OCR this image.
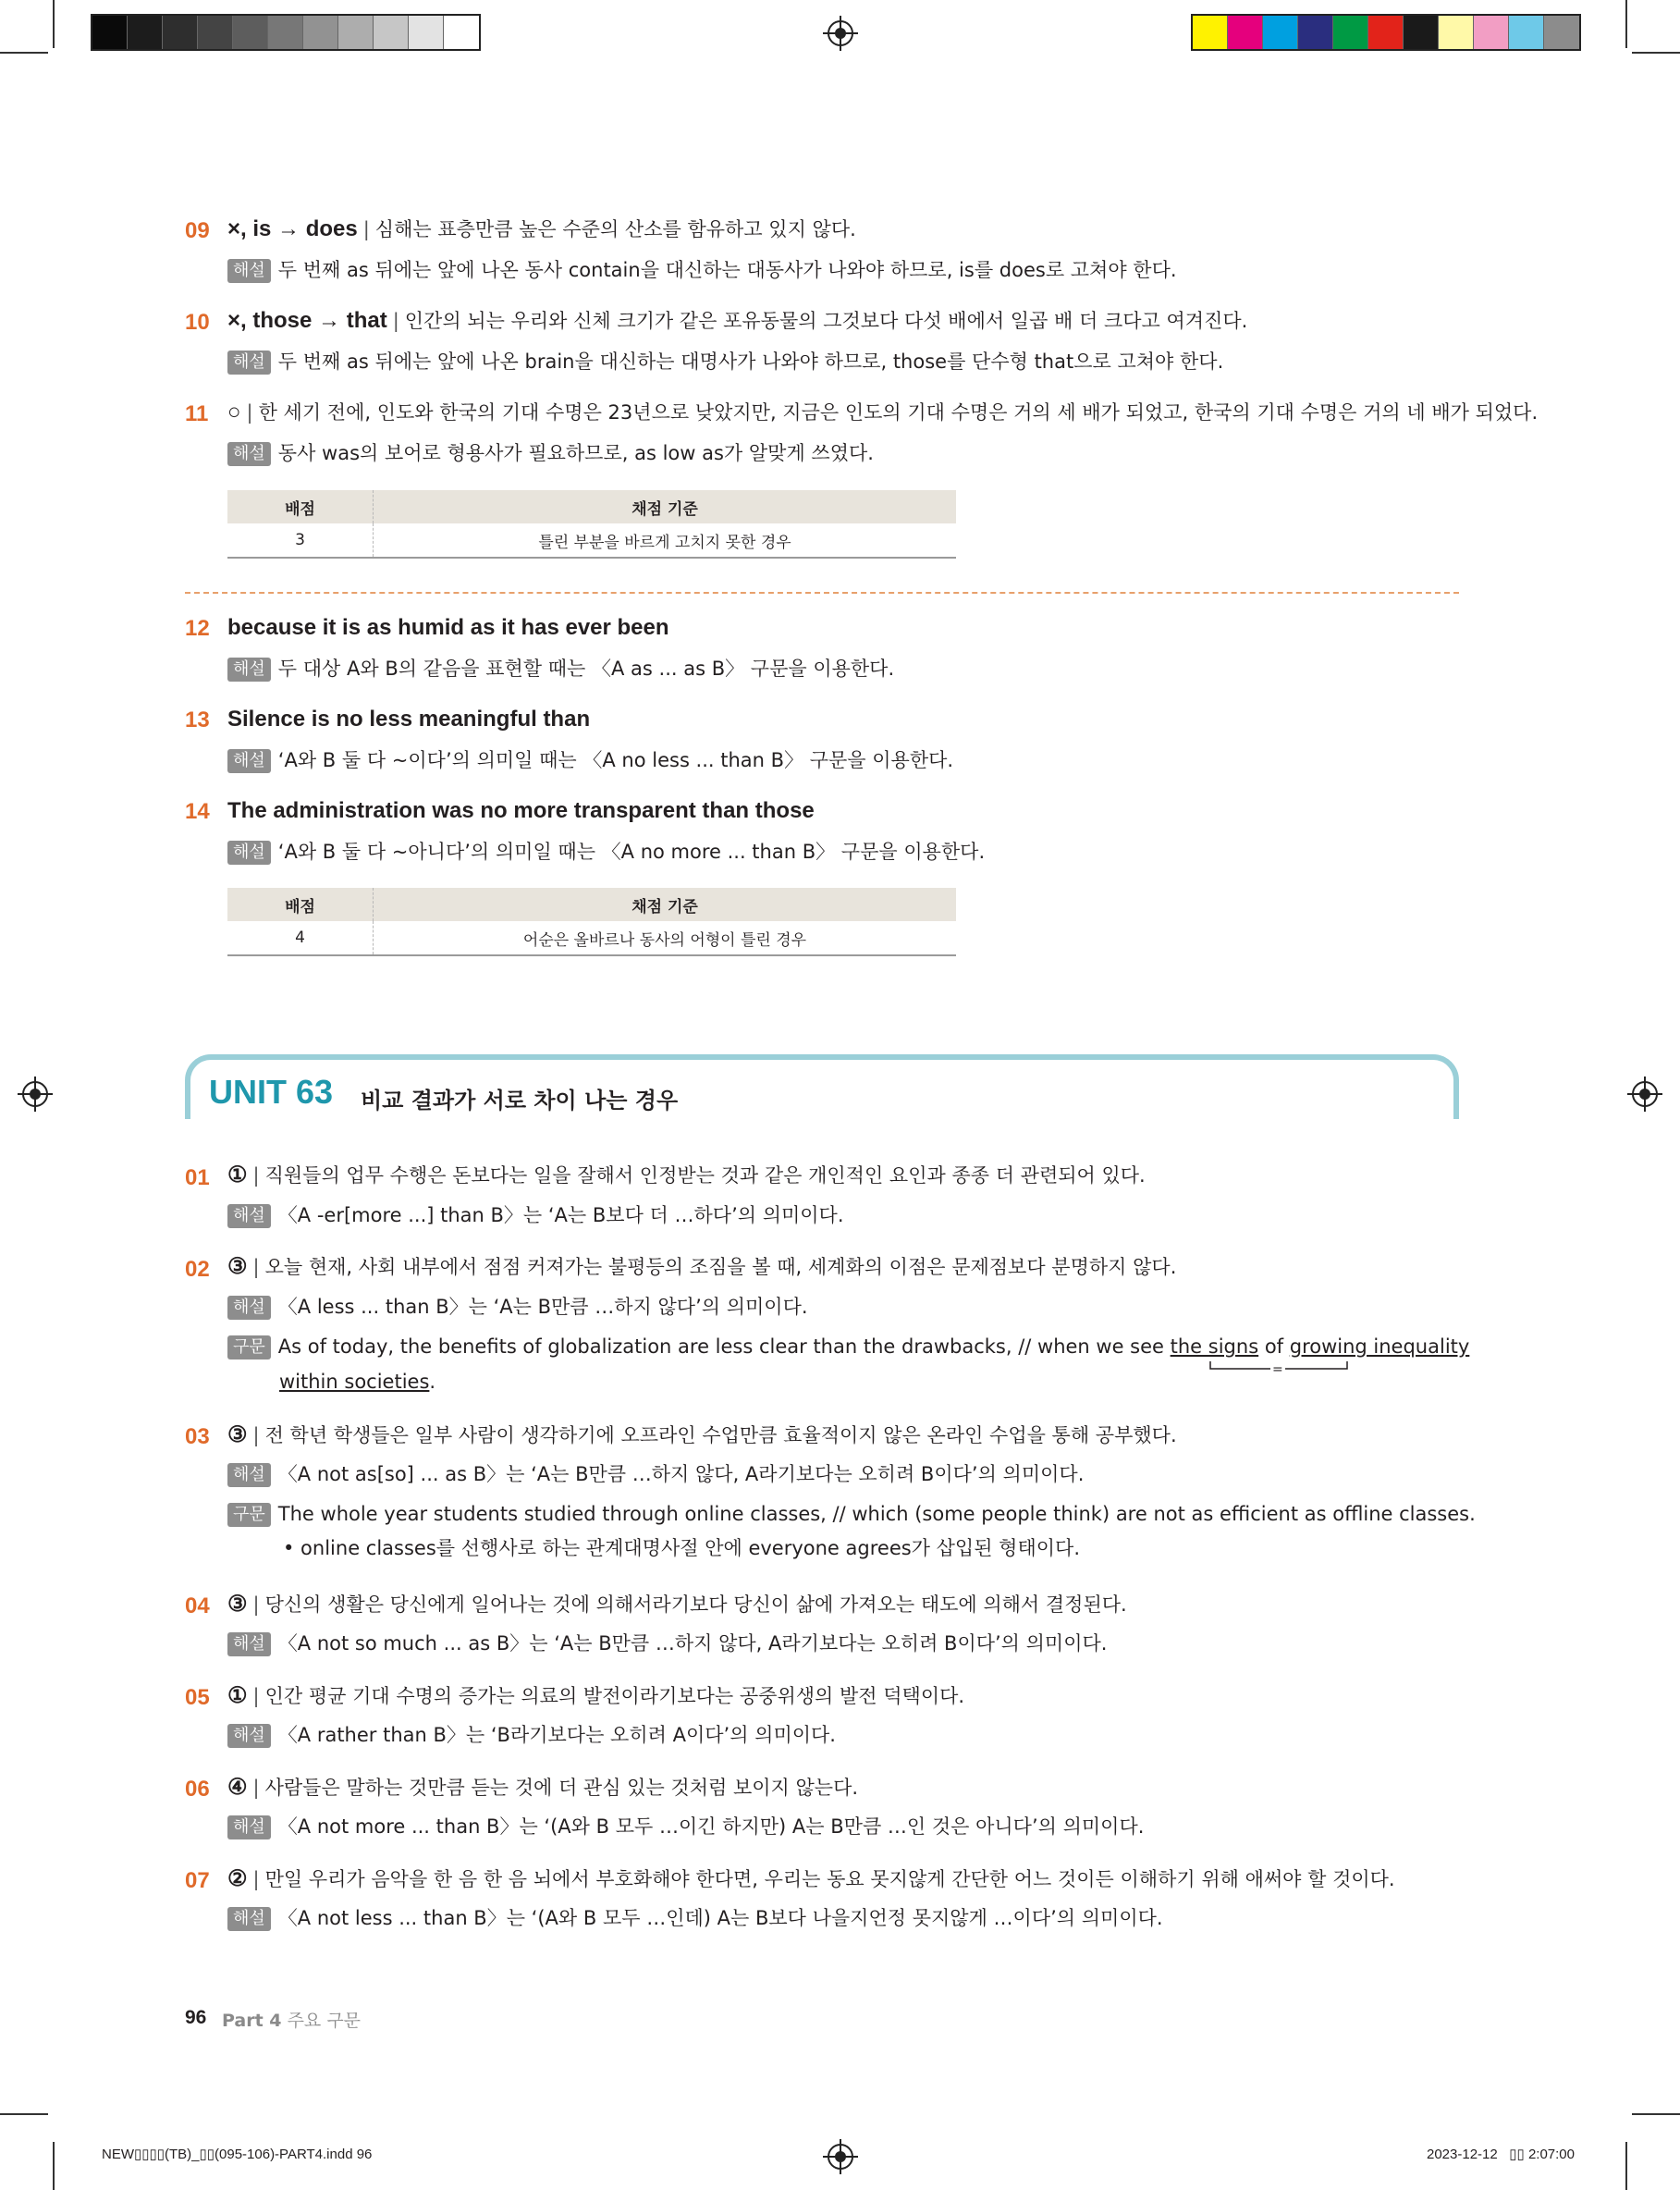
09 ×, is → does | 심해는 표층만큼 높은 수준의 산소를 함유하고 있지 않다.
해설 두 번째 as 뒤에는 앞에 나온 동사 contain을 대신하는 대동사가 나와야 하므로, is를 does로 고쳐야 한다.
10 ×, those → that | 인간의 뇌는 우리와 신체 크기가 같은 포유동물의 그것보다 다섯 배에서 일곱 배 더 크다고 여겨진다.
해설 두 번째 as 뒤에는 앞에 나온 brain을 대신하는 대명사가 나와야 하므로, those를 단수형 that으로 고쳐야 한다.
11 ○ | 한 세기 전에, 인도와 한국의 기대 수명은 23년으로 낮았지만, 지금은 인도의 기대 수명은 거의 세 배가 되었고, 한국의 기대 수명은 거의 네 배가 되었다.
해설 동사 was의 보어로 형용사가 필요하므로, as low as가 알맞게 쓰였다.
배점	채점 기준
3	틀린 부분을 바르게 고치지 못한 경우
12 because it is as humid as it has ever been
해설 두 대상 A와 B의 같음을 표현할 때는 〈A as ... as B〉 구문을 이용한다.
13 Silence is no less meaningful than
해설 ‘A와 B 둘 다 ~이다’의 의미일 때는 〈A no less ... than B〉 구문을 이용한다.
14 The administration was no more transparent than those
해설 ‘A와 B 둘 다 ~아니다’의 의미일 때는 〈A no more ... than B〉 구문을 이용한다.
배점	채점 기준
4	어순은 올바르나 동사의 어형이 틀린 경우
UNIT 63 비교 결과가 서로 차이 나는 경우
01 ① | 직원들의 업무 수행은 돈보다는 일을 잘해서 인정받는 것과 같은 개인적인 요인과 종종 더 관련되어 있다.
해설 〈A -er[more ...] than B〉는 ‘A는 B보다 더 …하다’의 의미이다.
02 ③ | 오늘 현재, 사회 내부에서 점점 커져가는 불평등의 조짐을 볼 때, 세계화의 이점은 문제점보다 분명하지 않다.
해설 〈A less ... than B〉는 ‘A는 B만큼 …하지 않다’의 의미이다.
구문 As of today, the benefits of globalization are less clear than the drawbacks, // when we see the signs of growing inequality
=
within societies.
03 ③ | 전 학년 학생들은 일부 사람이 생각하기에 오프라인 수업만큼 효율적이지 않은 온라인 수업을 통해 공부했다.
해설 〈A not as[so] ... as B〉는 ‘A는 B만큼 …하지 않다, A라기보다는 오히려 B이다’의 의미이다.
구문 The whole year students studied through online classes, // which (some people think) are not as efficient as offline classes.
• online classes를 선행사로 하는 관계대명사절 안에 everyone agrees가 삽입된 형태이다.
04 ③ | 당신의 생활은 당신에게 일어나는 것에 의해서라기보다 당신이 삶에 가져오는 태도에 의해서 결정된다.
해설 〈A not so much ... as B〉는 ‘A는 B만큼 …하지 않다, A라기보다는 오히려 B이다’의 의미이다.
05 ① | 인간 평균 기대 수명의 증가는 의료의 발전이라기보다는 공중위생의 발전 덕택이다.
해설 〈A rather than B〉는 ‘B라기보다는 오히려 A이다’의 의미이다.
06 ④ | 사람들은 말하는 것만큼 듣는 것에 더 관심 있는 것처럼 보이지 않는다.
해설 〈A not more ... than B〉는 ‘(A와 B 모두 …이긴 하지만) A는 B만큼 …인 것은 아니다’의 의미이다.
07 ② | 만일 우리가 음악을 한 음 한 음 뇌에서 부호화해야 한다면, 우리는 동요 못지않게 간단한 어느 것이든 이해하기 위해 애써야 할 것이다.
해설 〈A not less ... than B〉는 ‘(A와 B 모두 …인데) A는 B보다 나을지언정 못지않게 …이다’의 의미이다.
96 Part 4 주요 구문
NEW▯▯▯▯(TB)_▯▯(095-106)-PART4.indd 96	2023-12-12 ▯▯ 2:07:00
